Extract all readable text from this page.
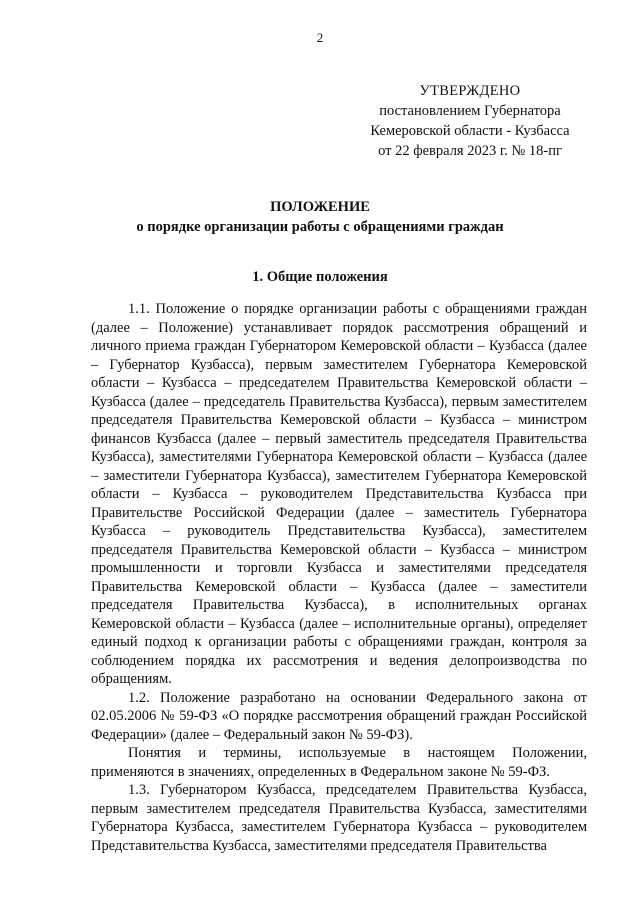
2
УТВЕРЖДЕНО
постановлением Губернатора
Кемеровской области - Кузбасса
от 22 февраля 2023 г. № 18-пг
ПОЛОЖЕНИЕ
о порядке организации работы с обращениями граждан
1. Общие положения

1.1. Положение о порядке организации работы с обращениями граждан (далее – Положение) устанавливает порядок рассмотрения обращений и личного приема граждан Губернатором Кемеровской области – Кузбасса (далее – Губернатор Кузбасса), первым заместителем Губернатора Кемеровской области – Кузбасса – председателем Правительства Кемеровской области – Кузбасса (далее – председатель Правительства Кузбасса), первым заместителем председателя Правительства Кемеровской области – Кузбасса – министром финансов Кузбасса (далее – первый заместитель председателя Правительства Кузбасса), заместителями Губернатора Кемеровской области – Кузбасса (далее – заместители Губернатора Кузбасса), заместителем Губернатора Кемеровской области – Кузбасса – руководителем Представительства Кузбасса при Правительстве Российской Федерации (далее – заместитель Губернатора Кузбасса – руководитель Представительства Кузбасса), заместителем председателя Правительства Кемеровской области – Кузбасса – министром промышленности и торговли Кузбасса и заместителями председателя Правительства Кемеровской области – Кузбасса (далее – заместители председателя Правительства Кузбасса), в исполнительных органах Кемеровской области – Кузбасса (далее – исполнительные органы), определяет единый подход к организации работы с обращениями граждан, контроля за соблюдением порядка их рассмотрения и ведения делопроизводства по обращениям.

1.2. Положение разработано на основании Федерального закона от 02.05.2006 № 59-ФЗ «О порядке рассмотрения обращений граждан Российской Федерации» (далее – Федеральный закон № 59-ФЗ).

Понятия и термины, используемые в настоящем Положении, применяются в значениях, определенных в Федеральном законе № 59-ФЗ.

1.3. Губернатором Кузбасса, председателем Правительства Кузбасса, первым заместителем председателя Правительства Кузбасса, заместителями Губернатора Кузбасса, заместителем Губернатора Кузбасса – руководителем Представительства Кузбасса, заместителями председателя Правительства
